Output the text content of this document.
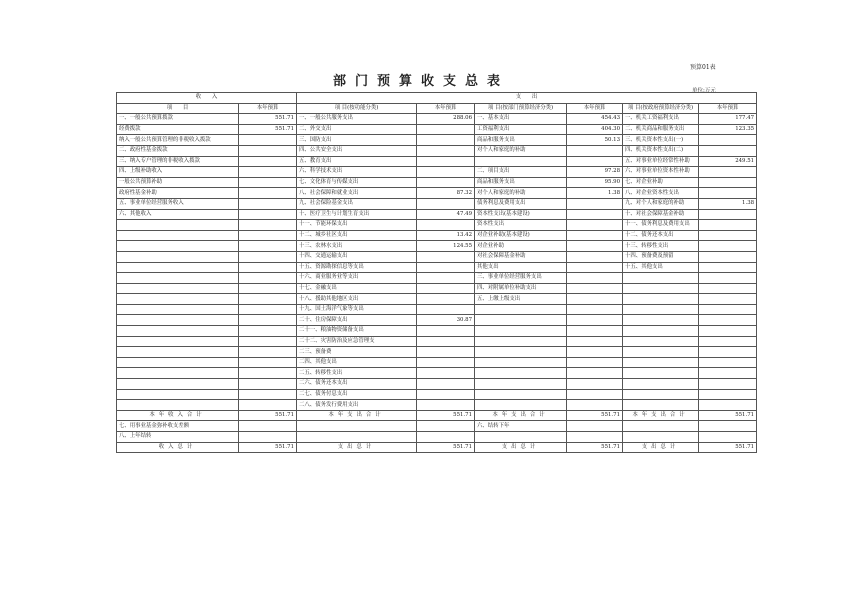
预算01表
部门预算收支总表
单位:万元
收　　入		支　　出					
项　　目	本年预算	项 目(按功能分类)	本年预算	项 目(按部门预算经济分类)	本年预算	项 目(按政府预算经济分类)	本年预算
一、一般公共预算拨款	551.71	一、一般公共服务支出	288.06	一、基本支出	454.43	一、机关工资福利支出	177.47
经费拨款	551.71	二、外交支出		工资福利支出	404.30	二、机关商品和服务支出	123.35
纳入一般公共预算管理的非税收入拨款		三、国防支出		商品和服务支出	50.13	三、机关资本性支出(一)	
二、政府性基金拨款		四、公共安全支出		对个人和家庭的补助		四、机关资本性支出(二)	
三、纳入专户管理的非税收入拨款		五、教育支出				五、对事业单位经常性补助	249.51
四、上级补助收入		六、科学技术支出		二、项目支出	97.28	六、对事业单位资本性补助	
一般公共预算补助		七、文化体育与传媒支出		商品和服务支出	95.90	七、对企业补助	
政府性基金补助		八、社会保障和就业支出	87.32	对个人和家庭的补助	1.38	八、对企业资本性支出	
五、事业单位经营服务收入		九、社会保险基金支出		债务利息及费用支出		九、对个人和家庭的补助	1.38
六、其他收入		十、医疗卫生与计划生育支出	47.49	资本性支出(基本建设)		十、对社会保障基金补助	
		十一、节能环保支出		资本性支出		十一、债务利息及费用支出	
		十二、城乡社区支出	13.42	对企业补助(基本建设)		十二、债务还本支出	
		十三、农林水支出	124.55	对企业补助		十三、转移性支出	
		十四、交通运输支出		对社会保障基金补助		十四、预备费及预留	
		十五、资源勘探信息等支出		其他支出		十五、其他支出	
		十六、商业服务业等支出		三、事业单位经营服务支出			
		十七、金融支出		四、对附属单位补助支出			
		十八、援助其他地区支出		五、上缴上级支出			
		十九、国土海洋气象等支出					
		二十、住房保障支出	30.87				
		二十一、粮油物资储备支出					
		二十二、灾害防治及应急管理支					
		二三、预备费					
		二四、其他支出					
		二五、转移性支出					
		二六、债务还本支出					
		二七、债务付息支出					
		二八、债务发行费用支出					
本年收入合计	551.71	本年支出合计	551.71	本年支出合计	551.71	本年支出合计	551.71
七、用事业基金弥补收支差额				六、结转下年			
八、上年结转							
收入总计	551.71	支出总计	551.71	支出总计	551.71	支出总计	551.71
